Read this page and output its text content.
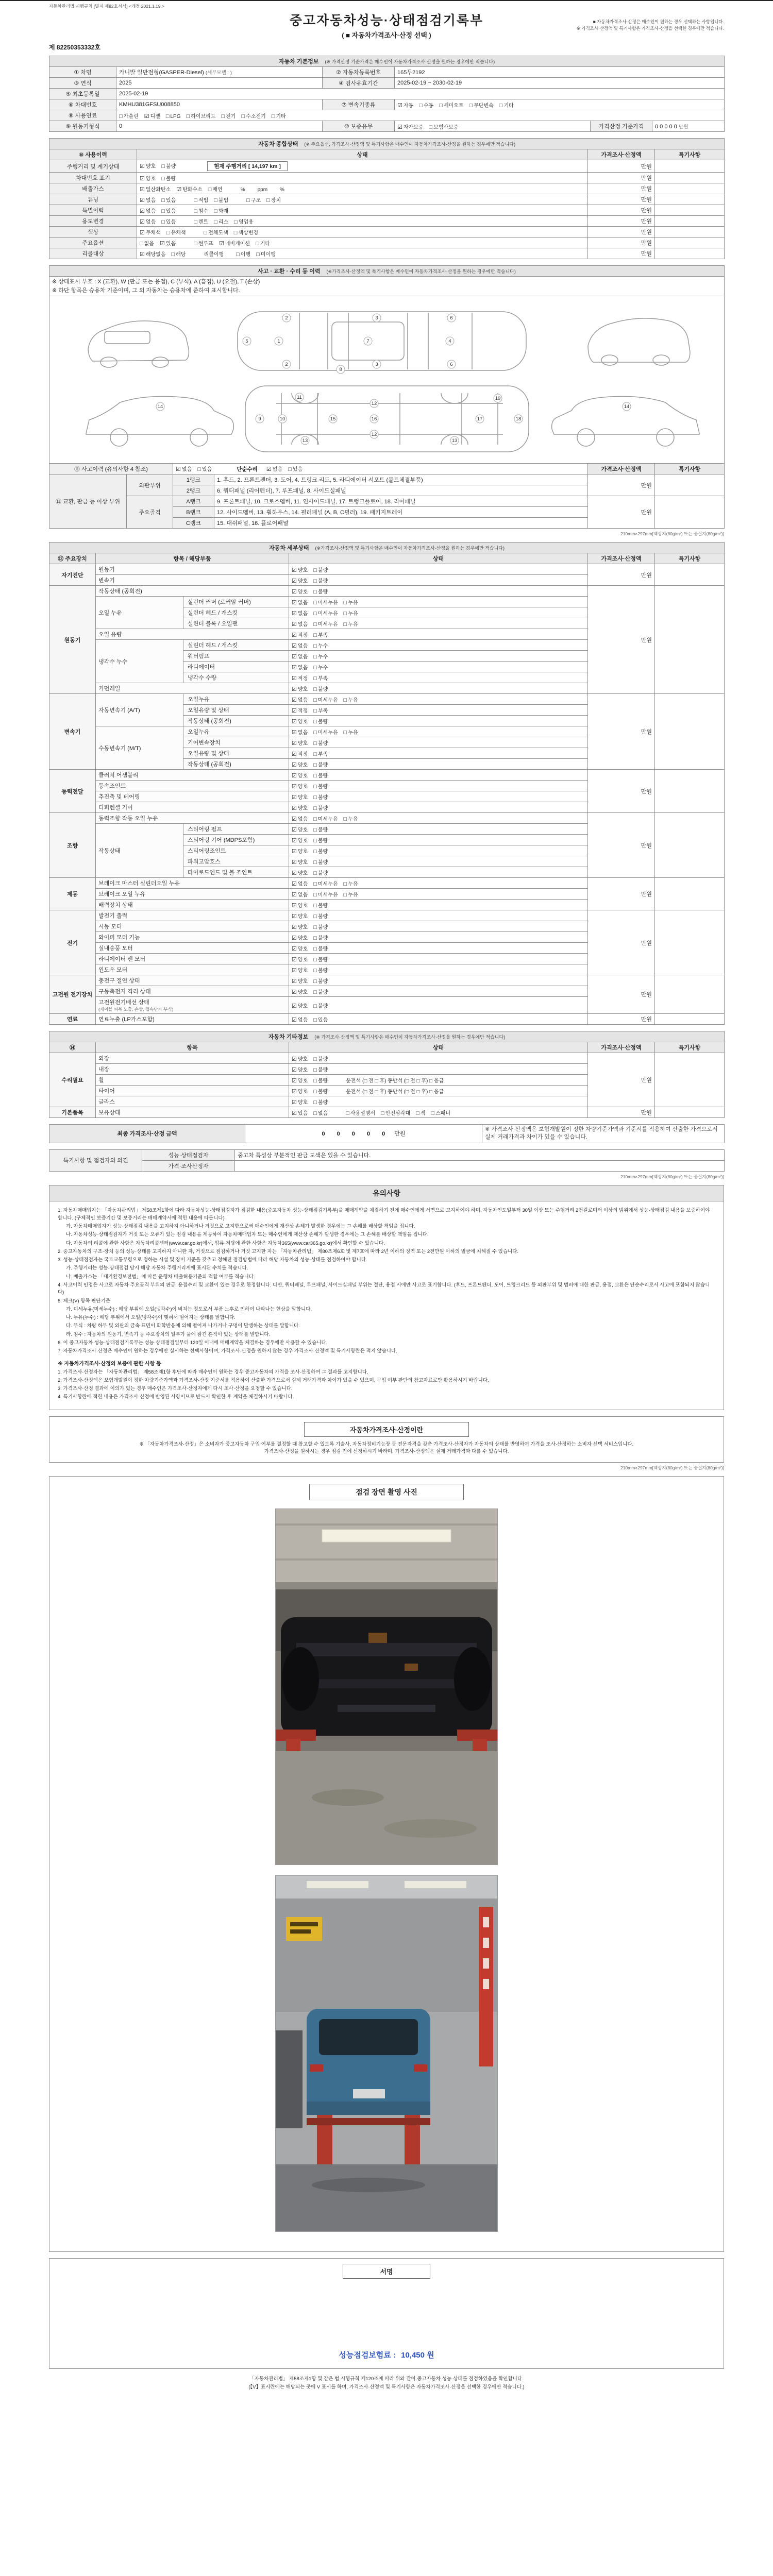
자동차관리법 시행규칙 [별지 제82호서식] <개정 2021.1.19.>
중고자동차성능·상태점검기록부
( ■ 자동차가격조사·산정 선택 )
■ 자동차가격조사·산정은 매수인이 원하는 경우 선택하는 사항입니다.
※ 가격조사·산정액 및 특기사항은 가격조사·산정을 선택한 경우에만 적습니다.
제 82250353332호
자동차 기본정보 (※ 가격산정 기준가격은 매수인이 자동차가격조사·산정을 원하는 경우에만 적습니다)					
① 차명	카니발 일반전형(GASPER-Diesel) (세부모델 : )	② 자동차등록번호	165두2192		
③ 연식	2025	④ 검사유효기간	2025-02-19 ~ 2030-02-19		
⑤ 최초등록일	2025-02-19				
⑥ 차대번호	KMHU381GFSU008850	⑦ 변속기종류	☑ 자동 □ 수동 □ 세미오토 □ 무단변속 □ 기타		
⑧ 사용연료	□ 가솔린 ☑ 디젤 □ LPG □ 하이브리드 □ 전기 □ 수소전기 □ 기타				
⑨ 원동기형식	0	⑩ 보증유무	☑ 자가보증 □ 보험사보증	가격산정 기준가격	0 0 0 0 0 만원
자동차 종합상태 (※ 주요옵션, 가격조사·산정액 및 특기사항은 매수인이 자동차가격조사·산정을 원하는 경우에만 적습니다)			
⑩ 사용이력	상태	가격조사·산정액	특기사항
주행거리 및 계기상태	☑ 양호 □ 불량 현재 주행거리 [ 14,197 km ]	만원	
차대번호 표기	☑ 양호 □ 불량	만원	
배출가스	☑ 일산화탄소 ☑ 탄화수소 □ 매연 % ppm %	만원	
튜닝	☑ 없음 □ 있음 □ 적법 □ 불법 □ 구조 □ 장치	만원	
특별이력	☑ 없음 □ 있음 □ 침수 □ 화재	만원	
용도변경	☑ 없음 □ 있음 □ 렌트 □ 리스 □ 영업용	만원	
색상	☑ 무채색 □ 유채색 □ 전체도색 □ 색상변경	만원	
주요옵션	□ 없음 ☑ 있음 □ 썬루프 ☑ 네비게이션 □ 기타	만원	
리콜대상	☑ 해당없음 □ 해당 리콜이행 □ 이행 □ 미이행	만원	
사고 · 교환 · 수리 등 이력 (※가격조사·산정액 및 특기사항은 매수인이 자동차가격조사·산정을 원하는 경우에만 적습니다)					

※ 상태표시 부호 : X (교환), W (판금 또는 용접), C (부식), A (흠집), U (요철), T (손상)
※ 하단 항목은 승용차 기준이며, 그 외 자동차는 승용차에 준하여 표시합니다.					

5	1
2
2
3
3
7	4
6
6
8
14	14
9	10
11
13	13
12
12
15	16	17	18
19

⑪ 사고이력 (유의사항 4 참조)		☑ 없음 □ 있음 단순수리 ☑ 없음 □ 있음		가격조사·산정액	특기사항
⑫ 교환, 판금 등 이상 부위	외판부위	1랭크	1. 후드, 2. 프론트펜더, 3. 도어, 4. 트렁크 리드, 5. 라디에이터 서포트 (볼트체결부품)	만원	
		2랭크	6. 쿼터패널 (리어펜더), 7. 루프패널, 8. 사이드실패널		
	주요골격	A랭크	9. 프론트패널, 10. 크로스멤버, 11. 인사이드패널, 17. 트렁크플로어, 18. 리어패널	만원	
		B랭크	12. 사이드멤버, 13. 휠하우스, 14. 필러패널 (A, B, C필러), 19. 패키지트레이		
		C랭크	15. 대쉬패널, 16. 플로어패널		
210mm×297mm[백상지(80g/m²) 또는 중질지(80g/m²)]
자동차 세부상태 (※가격조사·산정액 및 특기사항은 매수인이 자동차가격조사·산정을 원하는 경우에만 적습니다)					
⑬ 주요장치	항목 / 해당부품		상태	가격조사·산정액	특기사항
자기진단	원동기		☑ 양호 □ 불량	만원	
	변속기		☑ 양호 □ 불량		
원동기	작동상태 (공회전)		☑ 양호 □ 불량	만원	
	오일 누유	실린더 커버 (로커암 커버)	☑ 없음 □ 미세누유 □ 누유		
		실린더 헤드 / 개스킷	☑ 없음 □ 미세누유 □ 누유		
		실린더 블록 / 오일팬	☑ 없음 □ 미세누유 □ 누유		
	오일 유량		☑ 적정 □ 부족		
	냉각수 누수	실린더 헤드 / 개스킷	☑ 없음 □ 누수		
		워터펌프	☑ 없음 □ 누수		
		라디에이터	☑ 없음 □ 누수		
		냉각수 수량	☑ 적정 □ 부족		
	커먼레일		☑ 양호 □ 불량		
변속기	자동변속기 (A/T)	오일누유	☑ 없음 □ 미세누유 □ 누유	만원	
		오일유량 및 상태	☑ 적정 □ 부족		
		작동상태 (공회전)	☑ 양호 □ 불량		
	수동변속기 (M/T)	오일누유	☑ 없음 □ 미세누유 □ 누유		
		기어변속장치	☑ 양호 □ 불량		
		오일유량 및 상태	☑ 적정 □ 부족		
		작동상태 (공회전)	☑ 양호 □ 불량		
동력전달	클러치 어셈블리		☑ 양호 □ 불량	만원	
	등속조인트		☑ 양호 □ 불량		
	추진축 및 베어링		☑ 양호 □ 불량		
	디퍼렌셜 기어		☑ 양호 □ 불량		
조향	동력조향 작동 오일 누유		☑ 없음 □ 미세누유 □ 누유	만원	
	작동상태	스티어링 펌프	☑ 양호 □ 불량		
		스티어링 기어 (MDPS포함)	☑ 양호 □ 불량		
		스티어링조인트	☑ 양호 □ 불량		
		파워고압호스	☑ 양호 □ 불량		
		타이로드엔드 및 볼 조인트	☑ 양호 □ 불량		
제동	브레이크 마스터 실린더오일 누유		☑ 없음 □ 미세누유 □ 누유	만원	
	브레이크 오일 누유		☑ 없음 □ 미세누유 □ 누유		
	배력장치 상태		☑ 양호 □ 불량		
전기	발전기 출력		☑ 양호 □ 불량	만원	
	시동 모터		☑ 양호 □ 불량		
	와이퍼 모터 기능		☑ 양호 □ 불량		
	실내송풍 모터		☑ 양호 □ 불량		
	라디에이터 팬 모터		☑ 양호 □ 불량		
	윈도우 모터		☑ 양호 □ 불량		
고전원 전기장치	충전구 절연 상태		☑ 양호 □ 불량	만원	
	구동축전지 격리 상태		☑ 양호 □ 불량		
	고전원전기배선 상태
(케이블 피복 노출, 손상, 접속단자 부식)		☑ 양호 □ 불량		
연료	연료누출 (LP가스포함)		☑ 없음 □ 있음	만원	
자동차 기타정보 (※ 가격조사·산정액 및 특기사항은 매수인이 자동차가격조사·산정을 원하는 경우에만 적습니다)				
⑭	항목	상태	가격조사·산정액	특기사항
수리필요	외장	☑ 양호 □ 불량	만원	
	내장	☑ 양호 □ 불량		
	휠	☑ 양호 □ 불량 운전석 (□ 전 □ 후) 동반석 (□ 전 □ 후) □ 응급		
	타이어	☑ 양호 □ 불량 운전석 (□ 전 □ 후) 동반석 (□ 전 □ 후) □ 응급		
	글라스	☑ 양호 □ 불량		
기본품목	보유상태	☑ 있음 □ 없음 □ 사용설명서 □ 안전삼각대 □ 잭 □ 스패너	만원	
최종 가격조사·산정 금액	0 0 0 0 0 만원	※ 가격조사·산정액은 보험개발원이 정한 차량기준가액과 기준서를 적용하여 산출한 가격으로서 실제 거래가격과 차이가 있을 수 있습니다.
특기사항 및 점검자의 의견	성능·상태점검자	중고차 특성상 부분적인 판금 도색은 있을 수 있습니다.
	가격·조사산정자	
210mm×297mm[백상지(80g/m²) 또는 중질지(80g/m²)]
유의사항
1. 자동차매매업자는 「자동차관리법」 제58조제1항에 따라 자동차성능·상태점검자가 점검한 내용(중고자동차 성능·상태점검기록부)을 매매계약을 체결하기 전에 매수인에게 서면으로 고지하여야 하며, 자동차인도일부터 30일 이상 또는 주행거리 2천킬로미터 이상의 범위에서 성능·상태점검 내용을 보증하여야 합니다. (구체적인 보증기간 및 보증거리는 매매계약서에 적힌 내용에 따릅니다)
가. 자동차매매업자가 성능·상태점검 내용을 고지하지 아니하거나 거짓으로 고지함으로써 매수인에게 재산상 손해가 발생한 경우에는 그 손해를 배상할 책임을 집니다.
나. 자동차성능·상태점검자가 거짓 또는 오류가 있는 점검 내용을 제공하여 자동차매매업자 또는 매수인에게 재산상 손해가 발생한 경우에는 그 손해를 배상할 책임을 집니다.
다. 자동차의 리콜에 관한 사항은 자동차리콜센터(www.car.go.kr)에서, 압류·저당에 관한 사항은 자동차365(www.car365.go.kr)에서 확인할 수 있습니다.
2. 중고자동차의 구조·장치 등의 성능·상태를 고지하지 아니한 자, 거짓으로 점검하거나 거짓 고지한 자는 「자동차관리법」 제80조제6호 및 제7호에 따라 2년 이하의 징역 또는 2천만원 이하의 벌금에 처해질 수 있습니다.
3. 성능·상태점검자는 국토교통부령으로 정하는 시설 및 장비 기준을 갖추고 정해진 점검방법에 따라 해당 자동차의 성능·상태를 점검하여야 합니다.
가. 주행거리는 성능·상태점검 당시 해당 자동차 주행거리계에 표시된 수치를 적습니다.
나. 배출가스는 「대기환경보전법」에 따른 운행차 배출허용기준의 적합 여부를 적습니다.
4. 사고이력 인정은 사고로 자동차 주요골격 부위의 판금, 용접수리 및 교환이 있는 경우로 한정합니다. 다만, 쿼터패널, 루프패널, 사이드실패널 부위는 절단, 용접 시에만 사고로 표기합니다. (후드, 프론트펜더, 도어, 트렁크리드 등 외판부위 및 범퍼에 대한 판금, 용접, 교환은 단순수리로서 사고에 포함되지 않습니다)
5. 체크(V) 항목 판단기준
가. 미세누유(미세누수) : 해당 부위에 오일(냉각수)이 비치는 정도로서 부품 노후로 인하여 나타나는 현상을 말합니다.
나. 누유(누수) : 해당 부위에서 오일(냉각수)이 맺혀서 떨어지는 상태를 말합니다.
다. 부식 : 차량 하부 및 외판의 금속 표면이 화학반응에 의해 떨어져 나가거나 구멍이 발생하는 상태를 말합니다.
라. 침수 : 자동차의 원동기, 변속기 등 주요장치의 일부가 물에 잠긴 흔적이 있는 상태를 말합니다.
6. 이 중고자동차 성능·상태점검기록부는 성능·상태점검일부터 120일 이내에 매매계약을 체결하는 경우에만 사용할 수 있습니다.
7. 자동차가격조사·산정은 매수인이 원하는 경우에만 실시하는 선택사항이며, 가격조사·산정을 원하지 않는 경우 가격조사·산정액 및 특기사항란은 적지 않습니다.
※ 자동차가격조사·산정의 보증에 관한 사항 등
1. 가격조사·산정자는 「자동차관리법」 제58조제1항 후단에 따라 매수인이 원하는 경우 중고자동차의 가격을 조사·산정하여 그 결과를 고지합니다.
2. 가격조사·산정액은 보험개발원이 정한 차량기준가액과 가격조사·산정 기준서를 적용하여 산출한 가격으로서 실제 거래가격과 차이가 있을 수 있으며, 구입 여부 판단의 참고자료로만 활용하시기 바랍니다.
3. 가격조사·산정 결과에 이의가 있는 경우 매수인은 가격조사·산정자에게 다시 조사·산정을 요청할 수 있습니다.
4. 특기사항란에 적힌 내용은 가격조사·산정에 반영된 사항이므로 반드시 확인한 후 계약을 체결하시기 바랍니다.
자동차가격조사·산정이란
※ 「자동차가격조사·산정」은 소비자가 중고자동차 구입 여부를 결정할 때 참고할 수 있도록 기술사, 자동차정비기능장 등 전문자격을 갖춘 가격조사·산정자가 자동차의 상태를 반영하여 가격을 조사·산정하는 소비자 선택 서비스입니다.
가격조사·산정을 원하시는 경우 점검 전에 신청하시기 바라며, 가격조사·산정액은 실제 거래가격과 다를 수 있습니다.
210mm×297mm[백상지(80g/m²) 또는 중질지(80g/m²)]
점검 장면 촬영 사진
서명
성능점검보험료 : 10,450 원
「자동차관리법」 제58조제1항 및 같은 법 시행규칙 제120조에 따라 위와 같이 중고자동차 성능·상태를 점검하였음을 확인합니다.
(【V】표시란에는 해당되는 곳에 V 표시를 하며, 가격조사·산정액 및 특기사항은 자동차가격조사·산정을 선택한 경우에만 적습니다.)
